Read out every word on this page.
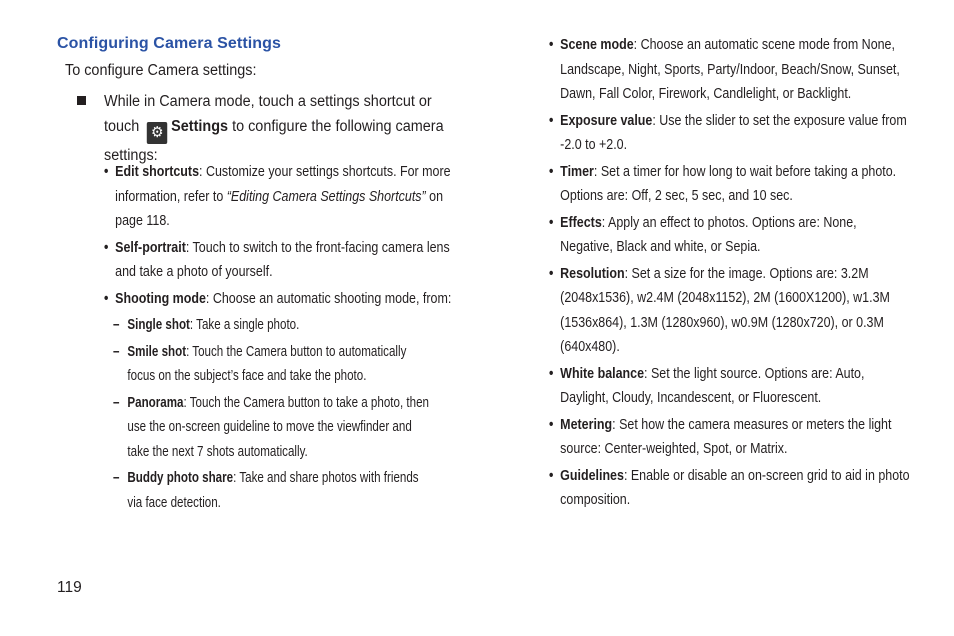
Configuring Camera Settings
To configure Camera settings:
While in Camera mode, touch a settings shortcut or touch ⚙ Settings to configure the following camera settings:
• Edit shortcuts: Customize your settings shortcuts. For more information, refer to “Editing Camera Settings Shortcuts” on page 118.
• Self-portrait: Touch to switch to the front-facing camera lens and take a photo of yourself.
• Shooting mode: Choose an automatic shooting mode, from:
– Single shot: Take a single photo.
– Smile shot: Touch the Camera button to automatically focus on the subject’s face and take the photo.
– Panorama: Touch the Camera button to take a photo, then use the on-screen guideline to move the viewfinder and take the next 7 shots automatically.
– Buddy photo share: Take and share photos with friends via face detection.
• Scene mode: Choose an automatic scene mode from None, Landscape, Night, Sports, Party/Indoor, Beach/Snow, Sunset, Dawn, Fall Color, Firework, Candlelight, or Backlight.
• Exposure value: Use the slider to set the exposure value from -2.0 to +2.0.
• Timer: Set a timer for how long to wait before taking a photo. Options are: Off, 2 sec, 5 sec, and 10 sec.
• Effects: Apply an effect to photos. Options are: None, Negative, Black and white, or Sepia.
• Resolution: Set a size for the image. Options are: 3.2M (2048x1536), w2.4M (2048x1152), 2M (1600X1200), w1.3M (1536x864), 1.3M (1280x960), w0.9M (1280x720), or 0.3M (640x480).
• White balance: Set the light source. Options are: Auto, Daylight, Cloudy, Incandescent, or Fluorescent.
• Metering: Set how the camera measures or meters the light source: Center-weighted, Spot, or Matrix.
• Guidelines: Enable or disable an on-screen grid to aid in photo composition.
119
